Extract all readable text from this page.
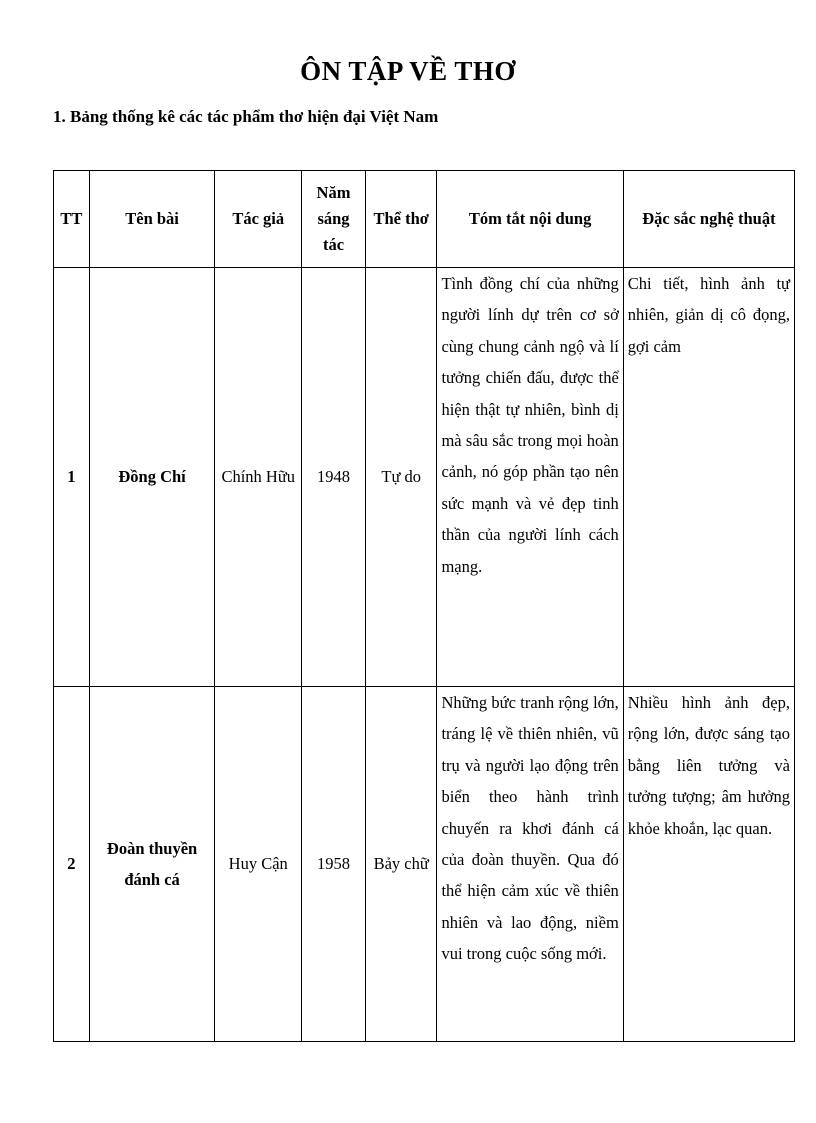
ÔN TẬP VỀ THƠ
1. Bảng thống kê các tác phẩm thơ hiện đại Việt Nam
TT	Tên bài	Tác giả	Năm sáng tác	Thể thơ	Tóm tắt nội dung	Đặc sắc nghệ thuật
1	Đồng Chí	Chính Hữu	1948	Tự do	Tình đồng chí của những người lính dự trên cơ sở cùng chung cảnh ngộ và lí tưởng chiến đấu, được thể hiện thật tự nhiên, bình dị mà sâu sắc trong mọi hoàn cảnh, nó góp phần tạo nên sức mạnh và vẻ đẹp tinh thần của người lính cách mạng.	Chi tiết, hình ảnh tự nhiên, giản dị cô đọng, gợi cảm
2	Đoàn thuyền đánh cá	Huy Cận	1958	Bảy chữ	Những bức tranh rộng lớn, tráng lệ về thiên nhiên, vũ trụ và người lạo động trên biển theo hành trình chuyến ra khơi đánh cá của đoàn thuyền. Qua đó thể hiện cảm xúc về thiên nhiên và lao động, niềm vui trong cuộc sống mới.	Nhiều hình ảnh đẹp, rộng lớn, được sáng tạo bằng liên tưởng và tưởng tượng; âm hưởng khỏe khoắn, lạc quan.
